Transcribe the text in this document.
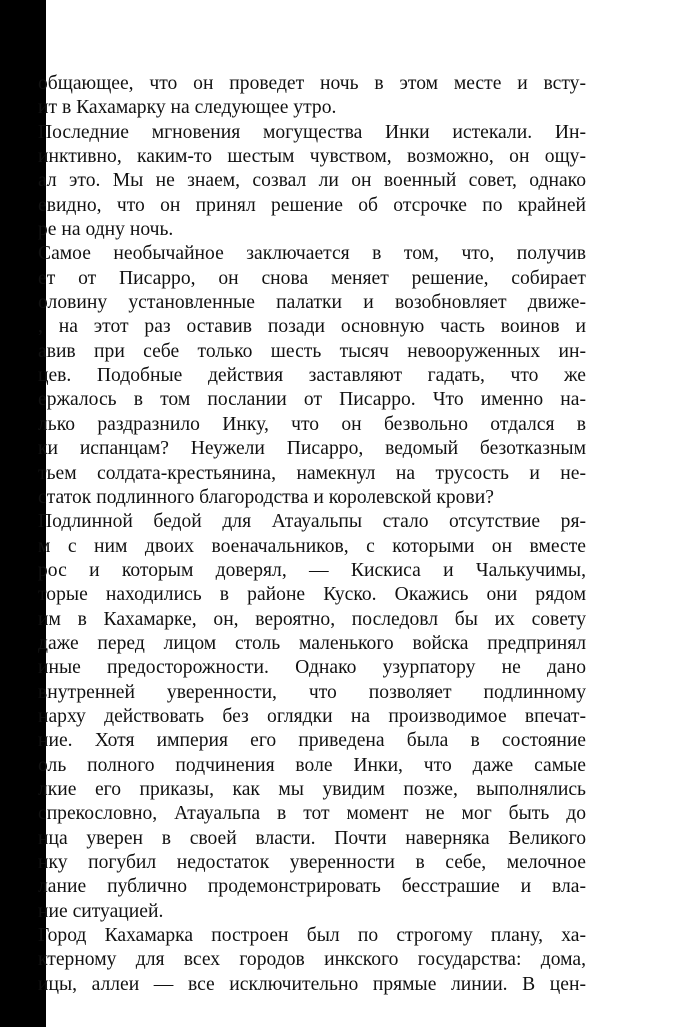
общающее, что он проведет ночь в этом месте и всту-
ит в Кахамарку на следующее утро.
Последние мгновения могущества Инки истекали. Ин-
инктивно, каким-то шестым чувством, возможно, он ощу-
ал это. Мы не знаем, созвал ли он военный совет, однако
евидно, что он принял решение об отсрочке по крайней
ре на одну ночь.
Самое необычайное заключается в том, что, получив
ет от Писарро, он снова меняет решение, собирает
оловину установленные палатки и возобновляет движе-
, на этот раз оставив позади основную часть воинов и
авив при себе только шесть тысяч невооруженных ин-
цев. Подобные действия заставляют гадать, что же
ержалось в том послании от Писарро. Что именно на-
лько раздразнило Инку, что он безвольно отдался в
ки испанцам? Неужели Писарро, ведомый безотказным
тьем солдата-крестьянина, намекнул на трусость и не-
статок подлинного благородства и королевской крови?
Подлинной бедой для Атауальпы стало отсутствие ря-
м с ним двоих военачальников, с которыми он вместе
рос и которым доверял, — Кискиса и Чалькучимы,
торые находились в районе Куско. Окажись они рядом
им в Кахамарке, он, вероятно, последовл бы их совету
даже перед лицом столь маленького войска предпринял
иные предосторожности. Однако узурпатору не дано
внутренней уверенности, что позволяет подлинному
нарху действовать без оглядки на производимое впечат-
ние. Хотя империя его приведена была в состояние
оль полного подчинения воле Инки, что даже самые
лкие его приказы, как мы увидим позже, выполнялись
спрекословно, Атауальпа в тот момент не мог быть до
нца уверен в своей власти. Почти наверняка Великого
нку погубил недостаток уверенности в себе, мелочное
лание публично продемонстрировать бесстрашие и вла-
ние ситуацией.
Город Кахамарка построен был по строгому плану, ха-
ктерному для всех городов инкского государства: дома,
ицы, аллеи — все исключительно прямые линии. В цен-
